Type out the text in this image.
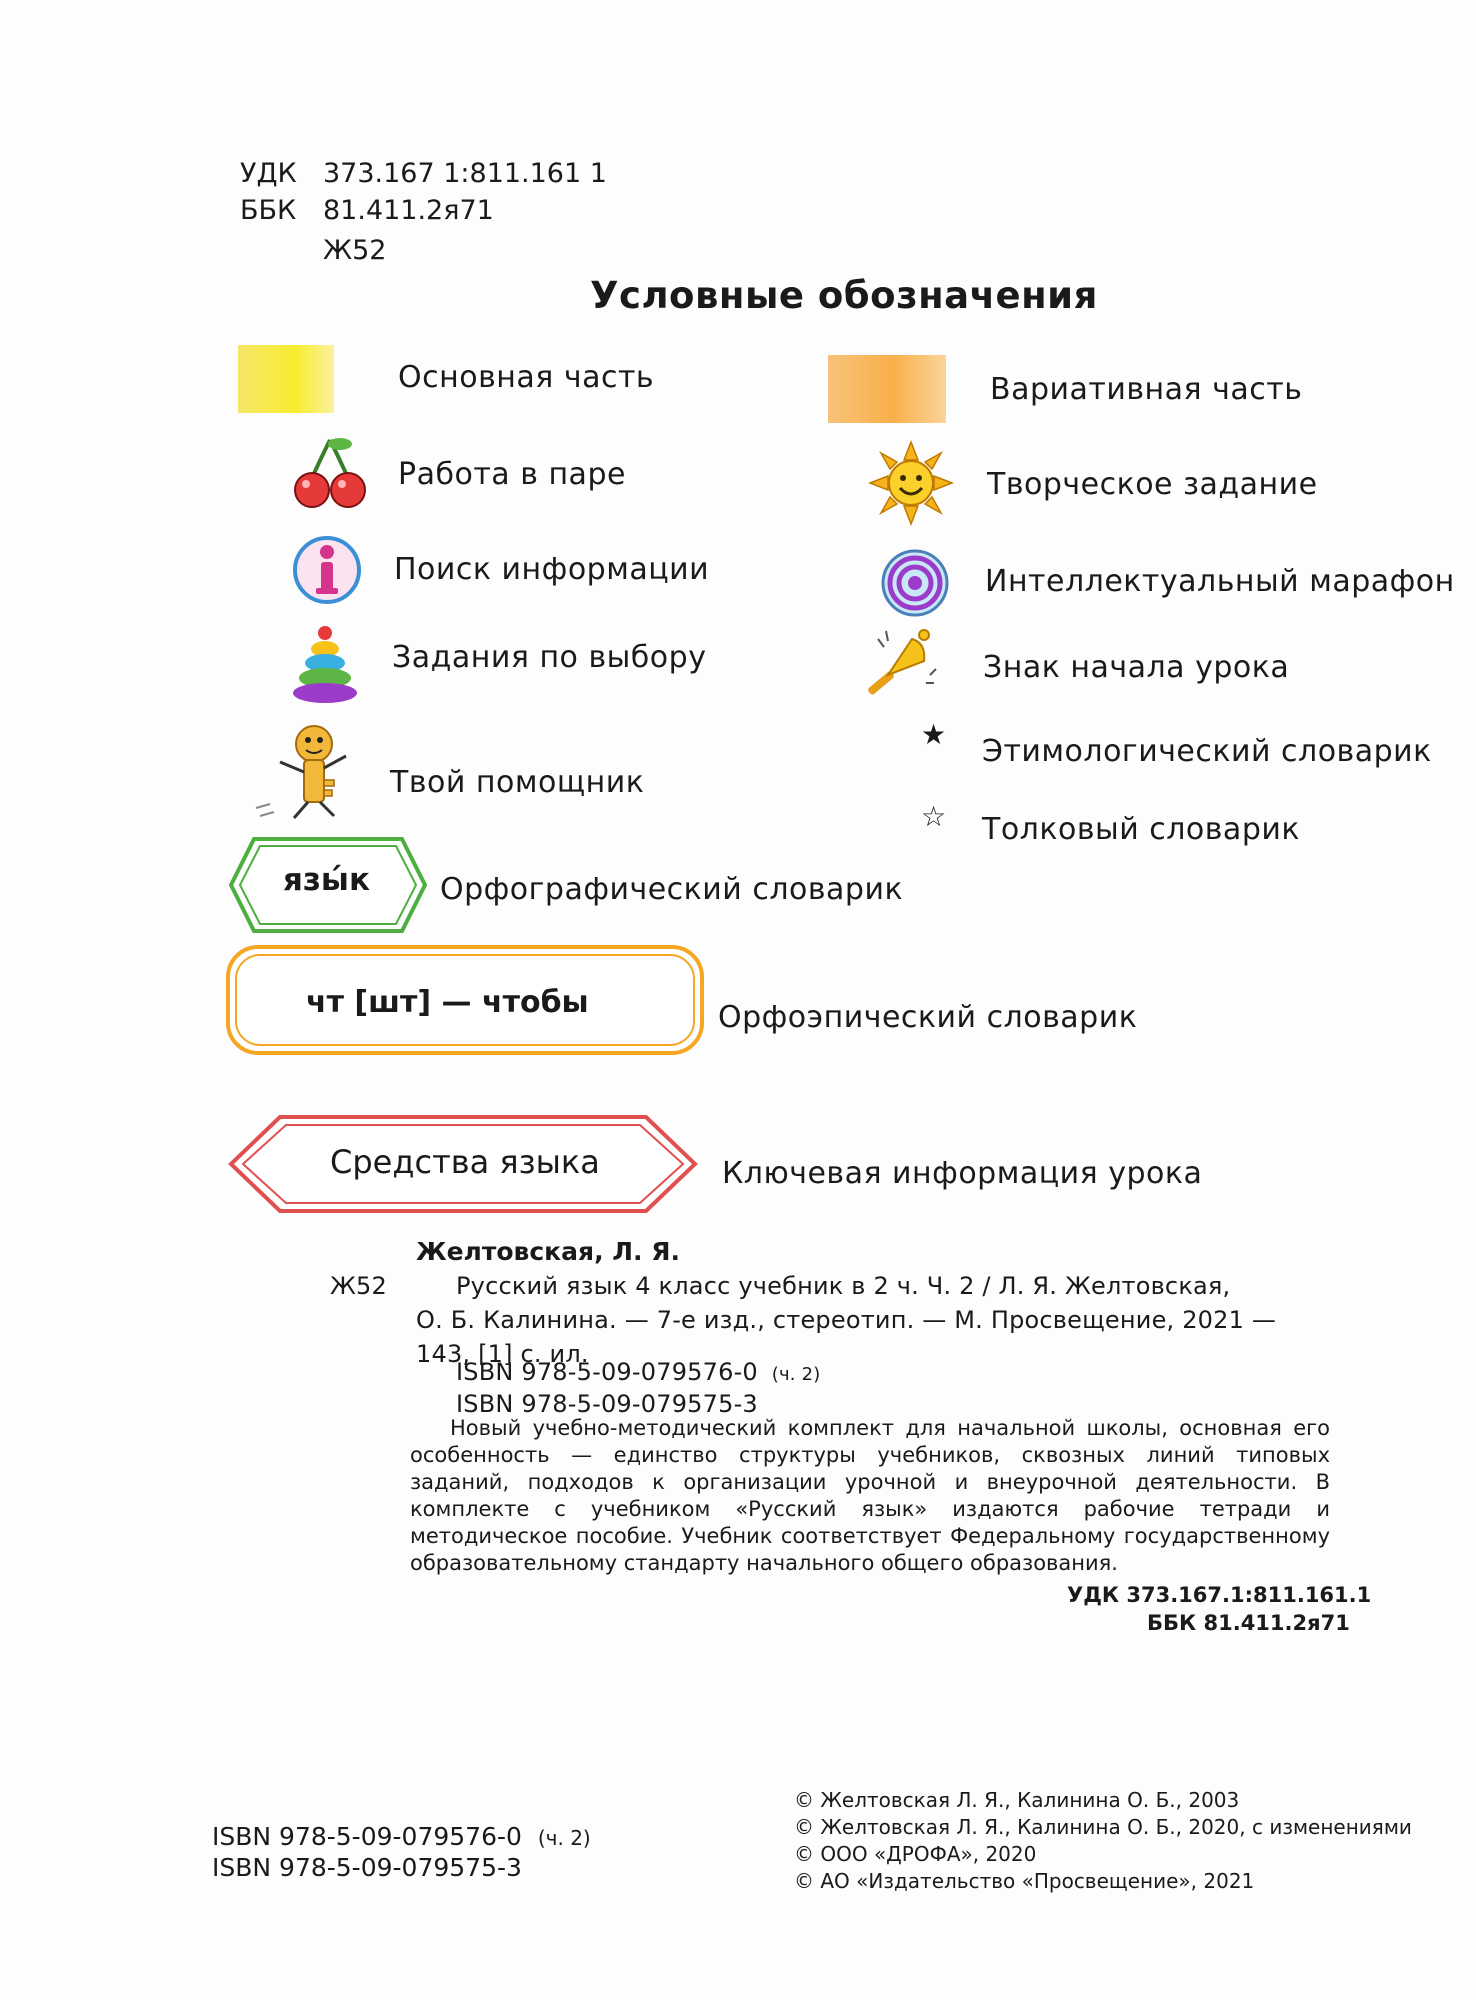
УДК 373.167 1:811.161 1
ББК 81.411.2я71
Ж52
Условные обозначения
Основная часть	Вариативная часть
Работа в паре	Творческое задание
Поиск информации	Интеллектуальный марафон
Задания по выбору	Знак начала урока
Твой помощник
★ Этимологический словарик
☆ Толковый словарик
язы́к Орфографический словарик
чт [шт] — чтобы	Орфоэпический словарик
Средства языка	Ключевая информация урока
Желтовская, Л. Я.
Ж52	Русский язык 4 класс учебник в 2 ч. Ч. 2 / Л. Я. Желтовская,
О. Б. Калинина. — 7-е изд., стереотип. — М. Просвещение, 2021 —
143, [1] с. ил.
ISBN 978-5-09-079576-0 (ч. 2)
ISBN 978-5-09-079575-3

Новый учебно-методический комплект для начальной школы, основная его особенность — единство структуры учебников, сквозных линий типовых заданий, подходов к организации урочной и внеурочной деятельности. В комплекте с учебником «Русский язык» издаются рабочие тетради и методическое пособие. Учебник соответствует Федеральному государственному образовательному стандарту начального общего образования.

УДК 373.167.1:811.161.1
ББК 81.411.2я71
ISBN 978-5-09-079576-0 (ч. 2)
ISBN 978-5-09-079575-3
© Желтовская Л. Я., Калинина О. Б., 2003
© Желтовская Л. Я., Калинина О. Б., 2020, с изменениями
© ООО «ДРОФА», 2020
© АО «Издательство «Просвещение», 2021
